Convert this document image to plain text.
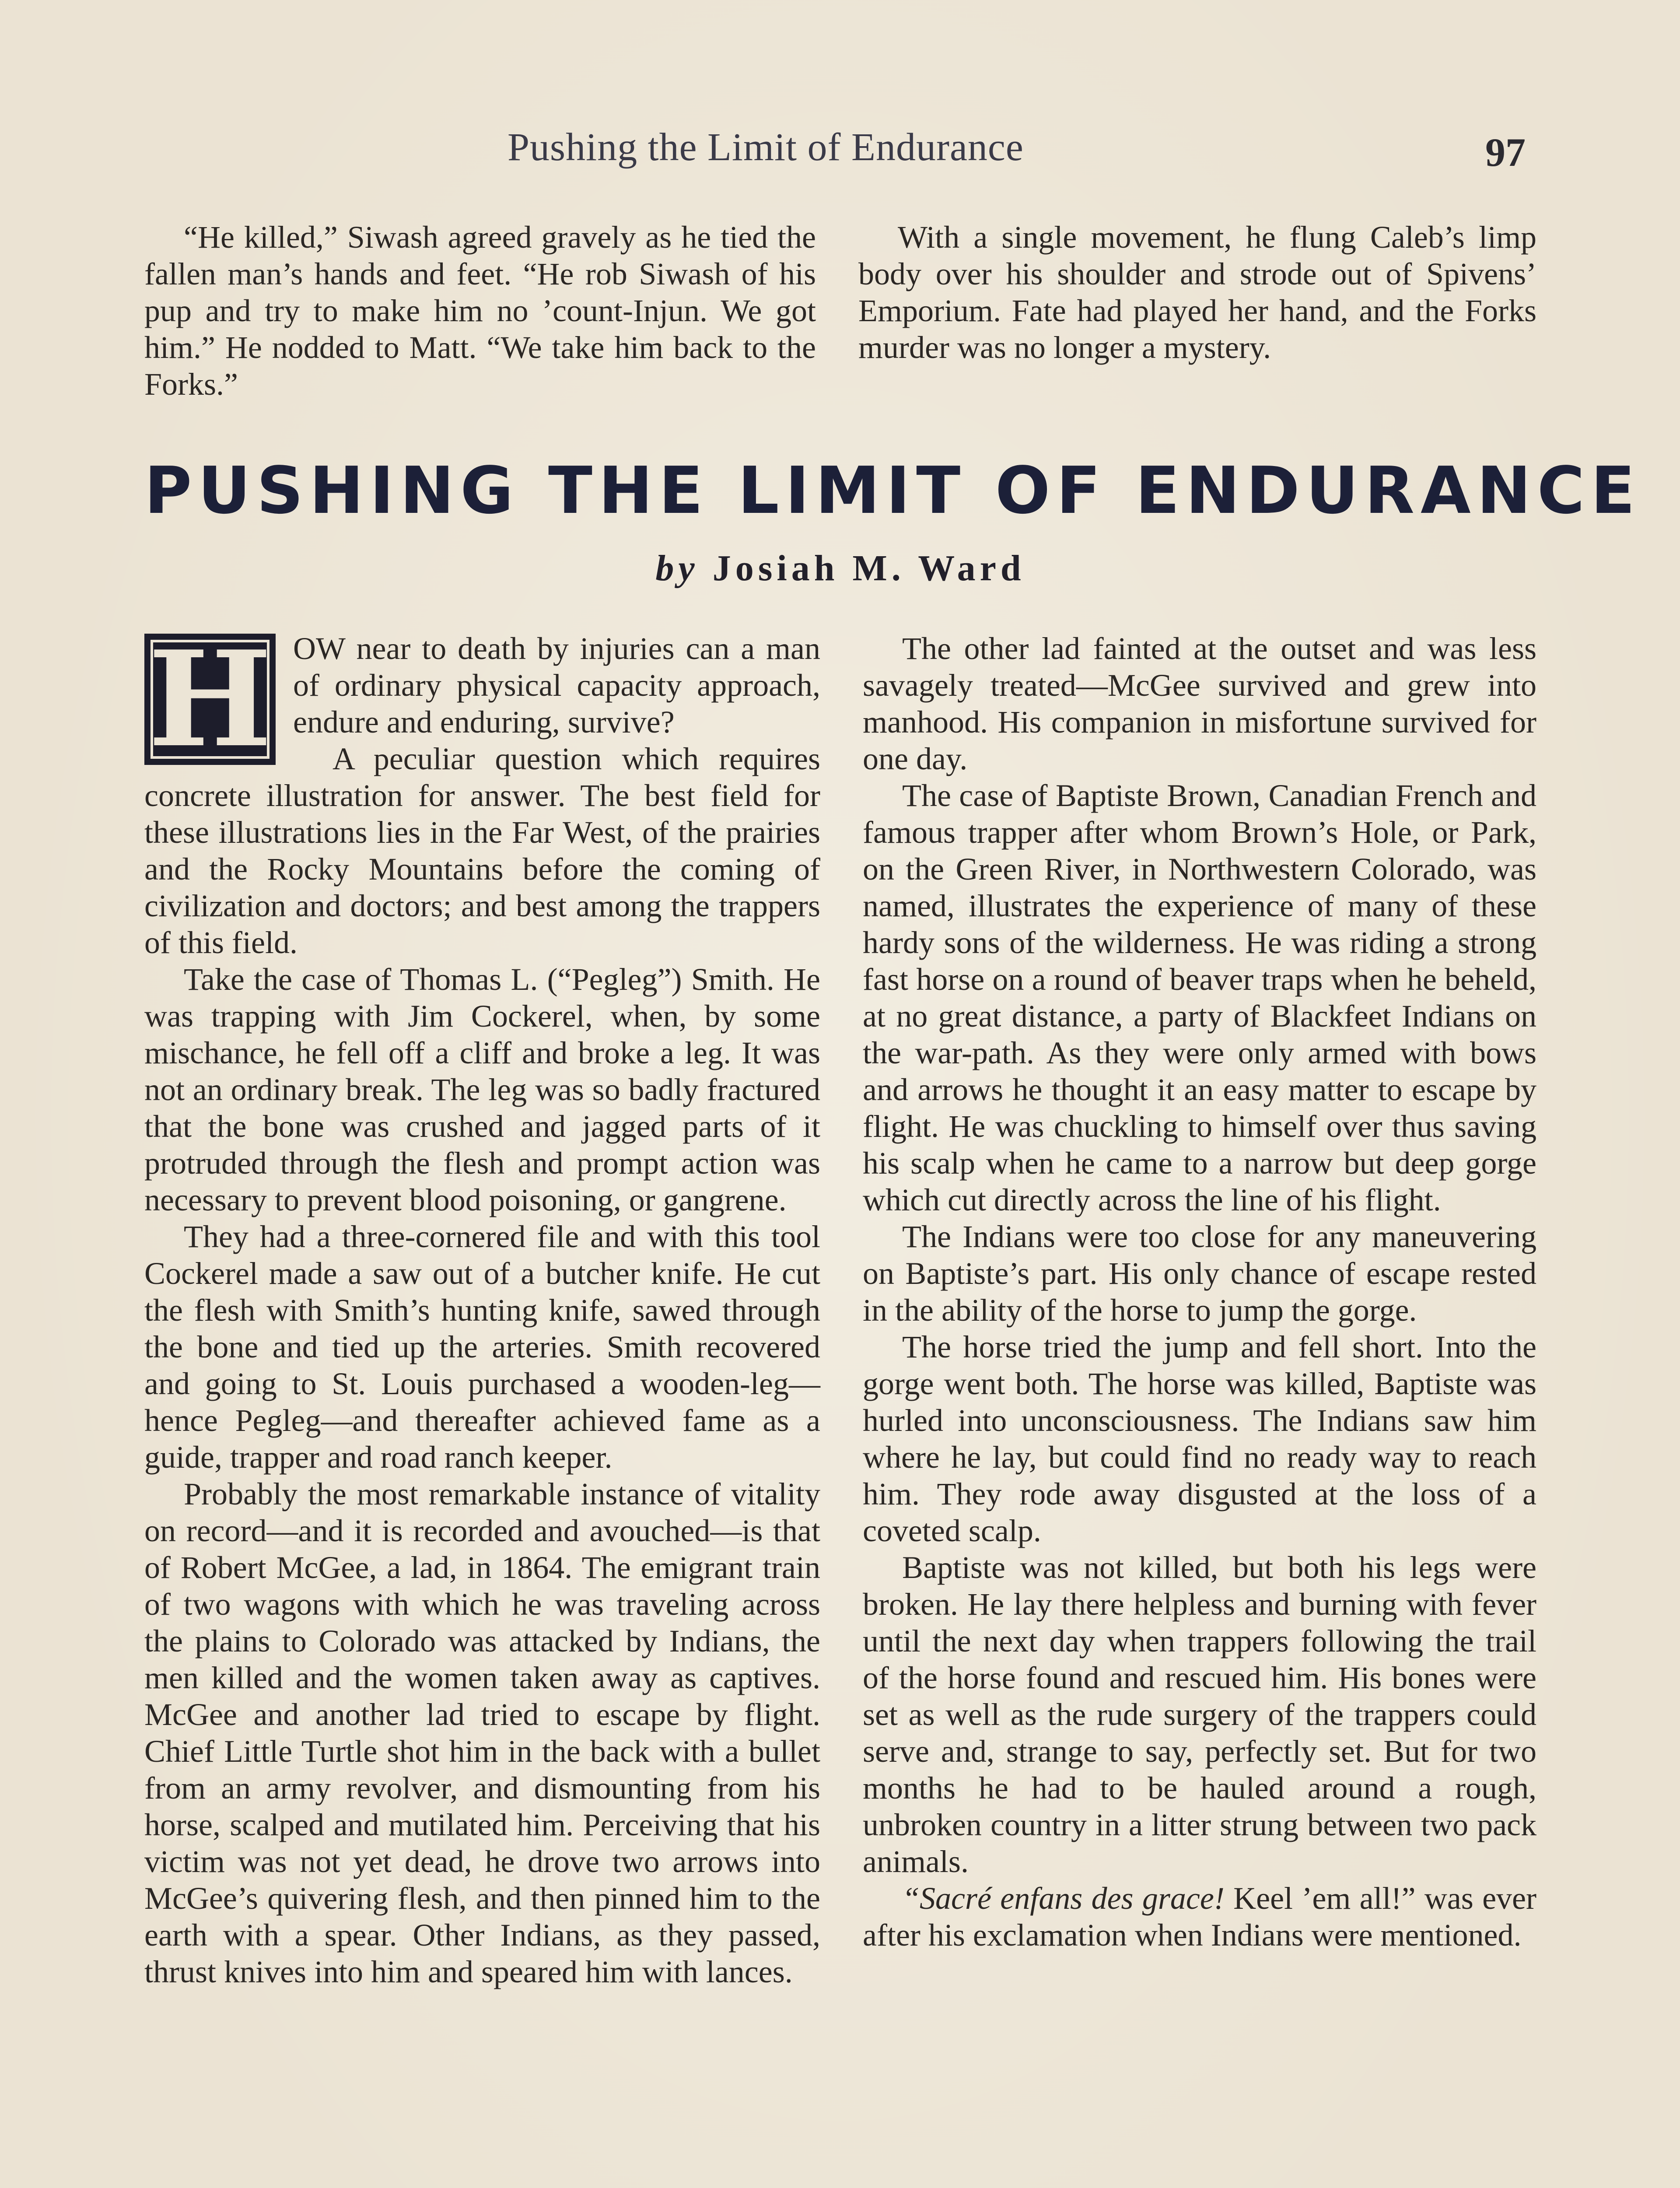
Pushing the Limit of Endurance	97

“He killed,” Siwash agreed gravely as he tied the fallen man’s hands and feet. “He rob Siwash of his pup and try to make him no ’count-Injun. We got him.” He nodded to Matt. “We take him back to the Forks.”

With a single movement, he flung Caleb’s limp body over his shoulder and strode out of Spivens’ Emporium. Fate had played her hand, and the Forks murder was no longer a mystery.

PUSHING THE LIMIT OF ENDURANCE
by Josiah M. Ward

H OW near to death by injuries can a man of ordinary physical capacity approach, endure and enduring, survive?

A peculiar question which requires concrete illustration for answer. The best field for these illustrations lies in the Far West, of the prairies and the Rocky Mountains before the coming of civilization and doctors; and best among the trappers of this field.

Take the case of Thomas L. (“Pegleg”) Smith. He was trapping with Jim Cockerel, when, by some mischance, he fell off a cliff and broke a leg. It was not an ordinary break. The leg was so badly fractured that the bone was crushed and jagged parts of it protruded through the flesh and prompt action was necessary to prevent blood poisoning, or gangrene.

They had a three-cornered file and with this tool Cockerel made a saw out of a butcher knife. He cut the flesh with Smith’s hunting knife, sawed through the bone and tied up the arteries. Smith recovered and going to St. Louis purchased a wooden-leg—hence Pegleg—and thereafter achieved fame as a guide, trapper and road ranch keeper.

Probably the most remarkable instance of vitality on record—and it is recorded and avouched—is that of Robert McGee, a lad, in 1864. The emigrant train of two wagons with which he was traveling across the plains to Colorado was attacked by Indians, the men killed and the women taken away as captives. McGee and another lad tried to escape by flight. Chief Little Turtle shot him in the back with a bullet from an army revolver, and dismounting from his horse, scalped and mutilated him. Perceiving that his victim was not yet dead, he drove two arrows into McGee’s quivering flesh, and then pinned him to the earth with a spear. Other Indians, as they passed, thrust knives into him and speared him with lances.

The other lad fainted at the outset and was less savagely treated—McGee survived and grew into manhood. His companion in misfortune survived for one day.

The case of Baptiste Brown, Canadian French and famous trapper after whom Brown’s Hole, or Park, on the Green River, in Northwestern Colorado, was named, illustrates the experience of many of these hardy sons of the wilderness. He was riding a strong fast horse on a round of beaver traps when he beheld, at no great distance, a party of Blackfeet Indians on the war-path. As they were only armed with bows and arrows he thought it an easy matter to escape by flight. He was chuckling to himself over thus saving his scalp when he came to a narrow but deep gorge which cut directly across the line of his flight.

The Indians were too close for any maneuvering on Baptiste’s part. His only chance of escape rested in the ability of the horse to jump the gorge.

The horse tried the jump and fell short. Into the gorge went both. The horse was killed, Baptiste was hurled into unconsciousness. The Indians saw him where he lay, but could find no ready way to reach him. They rode away disgusted at the loss of a coveted scalp.

Baptiste was not killed, but both his legs were broken. He lay there helpless and burning with fever until the next day when trappers following the trail of the horse found and rescued him. His bones were set as well as the rude surgery of the trappers could serve and, strange to say, perfectly set. But for two months he had to be hauled around a rough, unbroken country in a litter strung between two pack animals.

“Sacré enfans des grace! Keel ’em all!” was ever after his exclamation when Indians were mentioned.
